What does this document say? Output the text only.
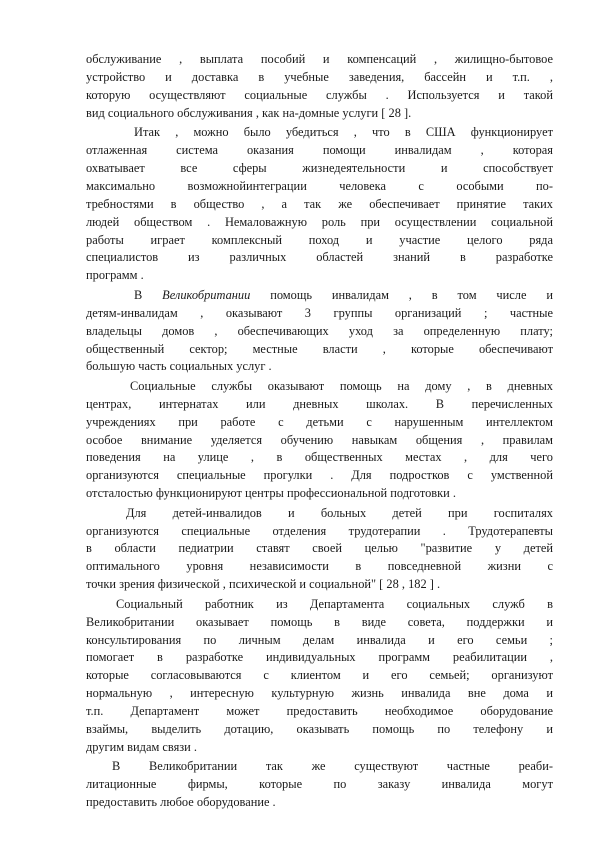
обслуживание , выплата пособий и компенсаций , жилищно-бытовое
устройство и доставка в учебные заведения, бассейн и т.п. ,
которую осуществляют социальные службы . Используется и такой
вид социального обслуживания , как на-домные услуги [ 28 ].
Итак , можно было убедиться , что в США функционирует
отлаженная система оказания помощи инвалидам , которая
охватывает все сферы жизнедеятельности и способствует
максимально возможнойинтеграции человека с особыми по-
требностями в общество , а так же обеспечивает принятие таких
людей обществом . Немаловажную роль при осуществлении социальной
работы играет комплексный поход и участие целого ряда
специалистов из различных областей знаний в разработке
программ .
В Великобритании помощь инвалидам , в том числе и
детям-инвалидам , оказывают 3 группы организаций ; частные
владельцы домов , обеспечивающих уход за определенную плату;
общественный сектор; местные власти , которые обеспечивают
большую часть социальных услуг .
Социальные службы оказывают помощь на дому , в дневных
центрах, интернатах или дневных школах. В перечисленных
учреждениях при работе с детьми с нарушенным интеллектом
особое внимание уделяется обучению навыкам общения , правилам
поведения на улице , в общественных местах , для чего
организуются специальные прогулки . Для подростков с умственной
отсталостью функционируют центры профессиональной подготовки .
Для детей-инвалидов и больных детей при госпиталях
организуются специальные отделения трудотерапии . Трудотерапевты
в области педиатрии ставят своей целью "развитие у детей
оптимального уровня независимости в повседневной жизни с
точки зрения физической , психической и социальной" [ 28 , 182 ] .
Социальный работник из Департамента социальных служб в
Великобритании оказывает помощь в виде совета, поддержки и
консультирования по личным делам инвалида и его семьи ;
помогает в разработке индивидуальных программ реабилитации ,
которые согласовываются с клиентом и его семьей; организуют
нормальную , интересную культурную жизнь инвалида вне дома и
т.п. Департамент может предоставить необходимое оборудование
взаймы, выделить дотацию, оказывать помощь по телефону и
другим видам связи .
В Великобритании так же существуют частные реаби-
литационные фирмы, которые по заказу инвалида могут
предоставить любое оборудование .
